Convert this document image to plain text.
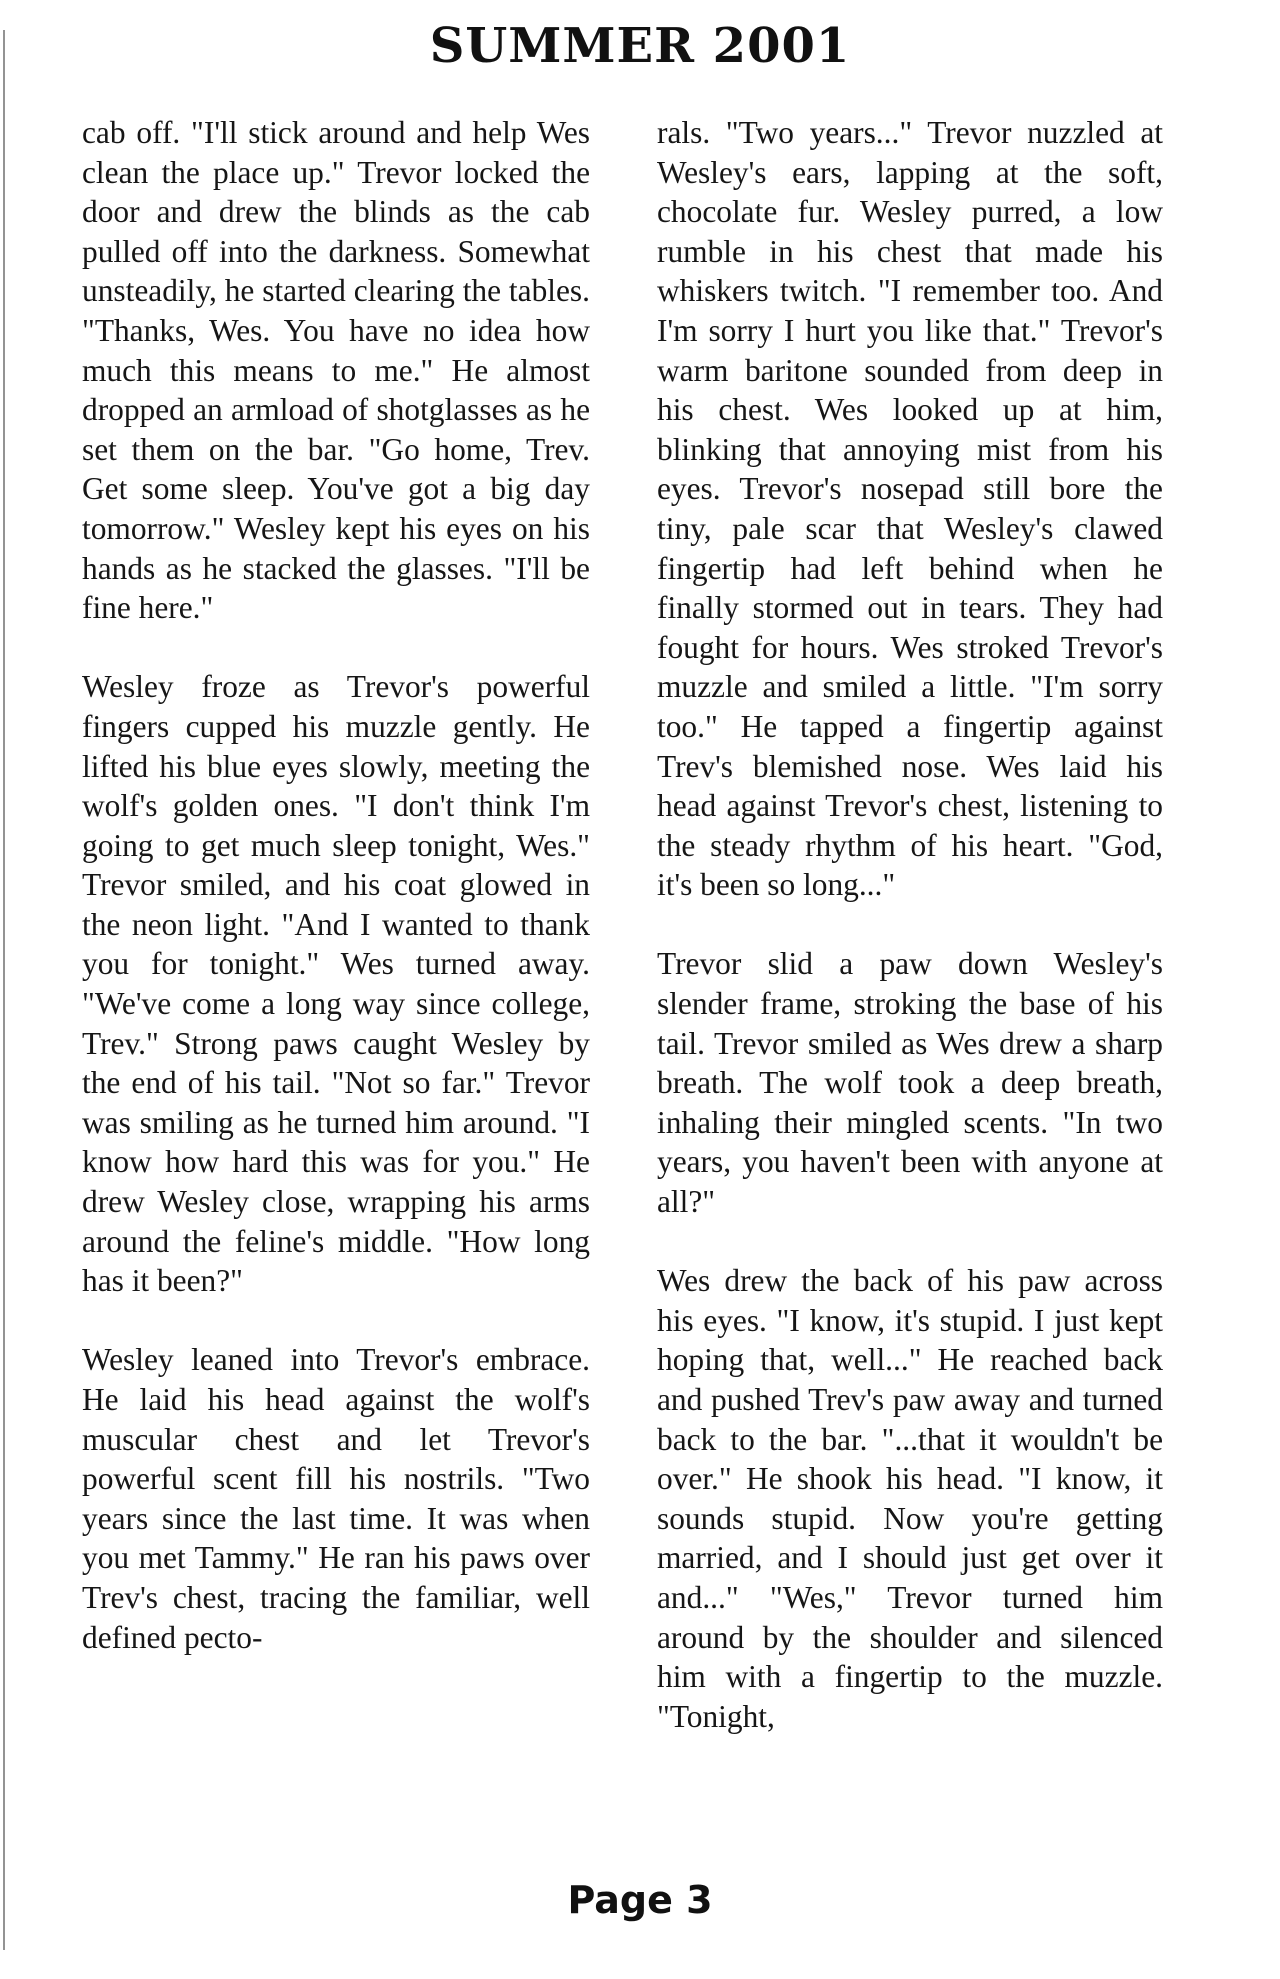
SUMMER 2001

cab off. "I'll stick around and help Wes clean the place up." Trevor locked the door and drew the blinds as the cab pulled off into the darkness. Somewhat unsteadily, he started clearing the tables. "Thanks, Wes. You have no idea how much this means to me." He almost dropped an armload of shotglasses as he set them on the bar. "Go home, Trev. Get some sleep. You've got a big day tomorrow." Wesley kept his eyes on his hands as he stacked the glasses. "I'll be fine here."

Wesley froze as Trevor's powerful fingers cupped his muzzle gently. He lifted his blue eyes slowly, meeting the wolf's golden ones. "I don't think I'm going to get much sleep tonight, Wes." Trevor smiled, and his coat glowed in the neon light. "And I wanted to thank you for tonight." Wes turned away. "We've come a long way since college, Trev." Strong paws caught Wesley by the end of his tail. "Not so far." Trevor was smiling as he turned him around. "I know how hard this was for you." He drew Wesley close, wrapping his arms around the feline's middle. "How long has it been?"

Wesley leaned into Trevor's embrace. He laid his head against the wolf's muscular chest and let Trevor's powerful scent fill his nostrils. "Two years since the last time. It was when you met Tammy." He ran his paws over Trev's chest, tracing the familiar, well defined pecto-

rals. "Two years..." Trevor nuzzled at Wesley's ears, lapping at the soft, chocolate fur. Wesley purred, a low rumble in his chest that made his whiskers twitch. "I remember too. And I'm sorry I hurt you like that." Trevor's warm baritone sounded from deep in his chest. Wes looked up at him, blinking that annoying mist from his eyes. Trevor's nosepad still bore the tiny, pale scar that Wesley's clawed fingertip had left behind when he finally stormed out in tears. They had fought for hours. Wes stroked Trevor's muzzle and smiled a little. "I'm sorry too." He tapped a fingertip against Trev's blemished nose. Wes laid his head against Trevor's chest, listening to the steady rhythm of his heart. "God, it's been so long..."

Trevor slid a paw down Wesley's slender frame, stroking the base of his tail. Trevor smiled as Wes drew a sharp breath. The wolf took a deep breath, inhaling their mingled scents. "In two years, you haven't been with anyone at all?"

Wes drew the back of his paw across his eyes. "I know, it's stupid. I just kept hoping that, well..." He reached back and pushed Trev's paw away and turned back to the bar. "...that it wouldn't be over." He shook his head. "I know, it sounds stupid. Now you're getting married, and I should just get over it and..." "Wes," Trevor turned him around by the shoulder and silenced him with a fingertip to the muzzle. "Tonight,

Page 3
